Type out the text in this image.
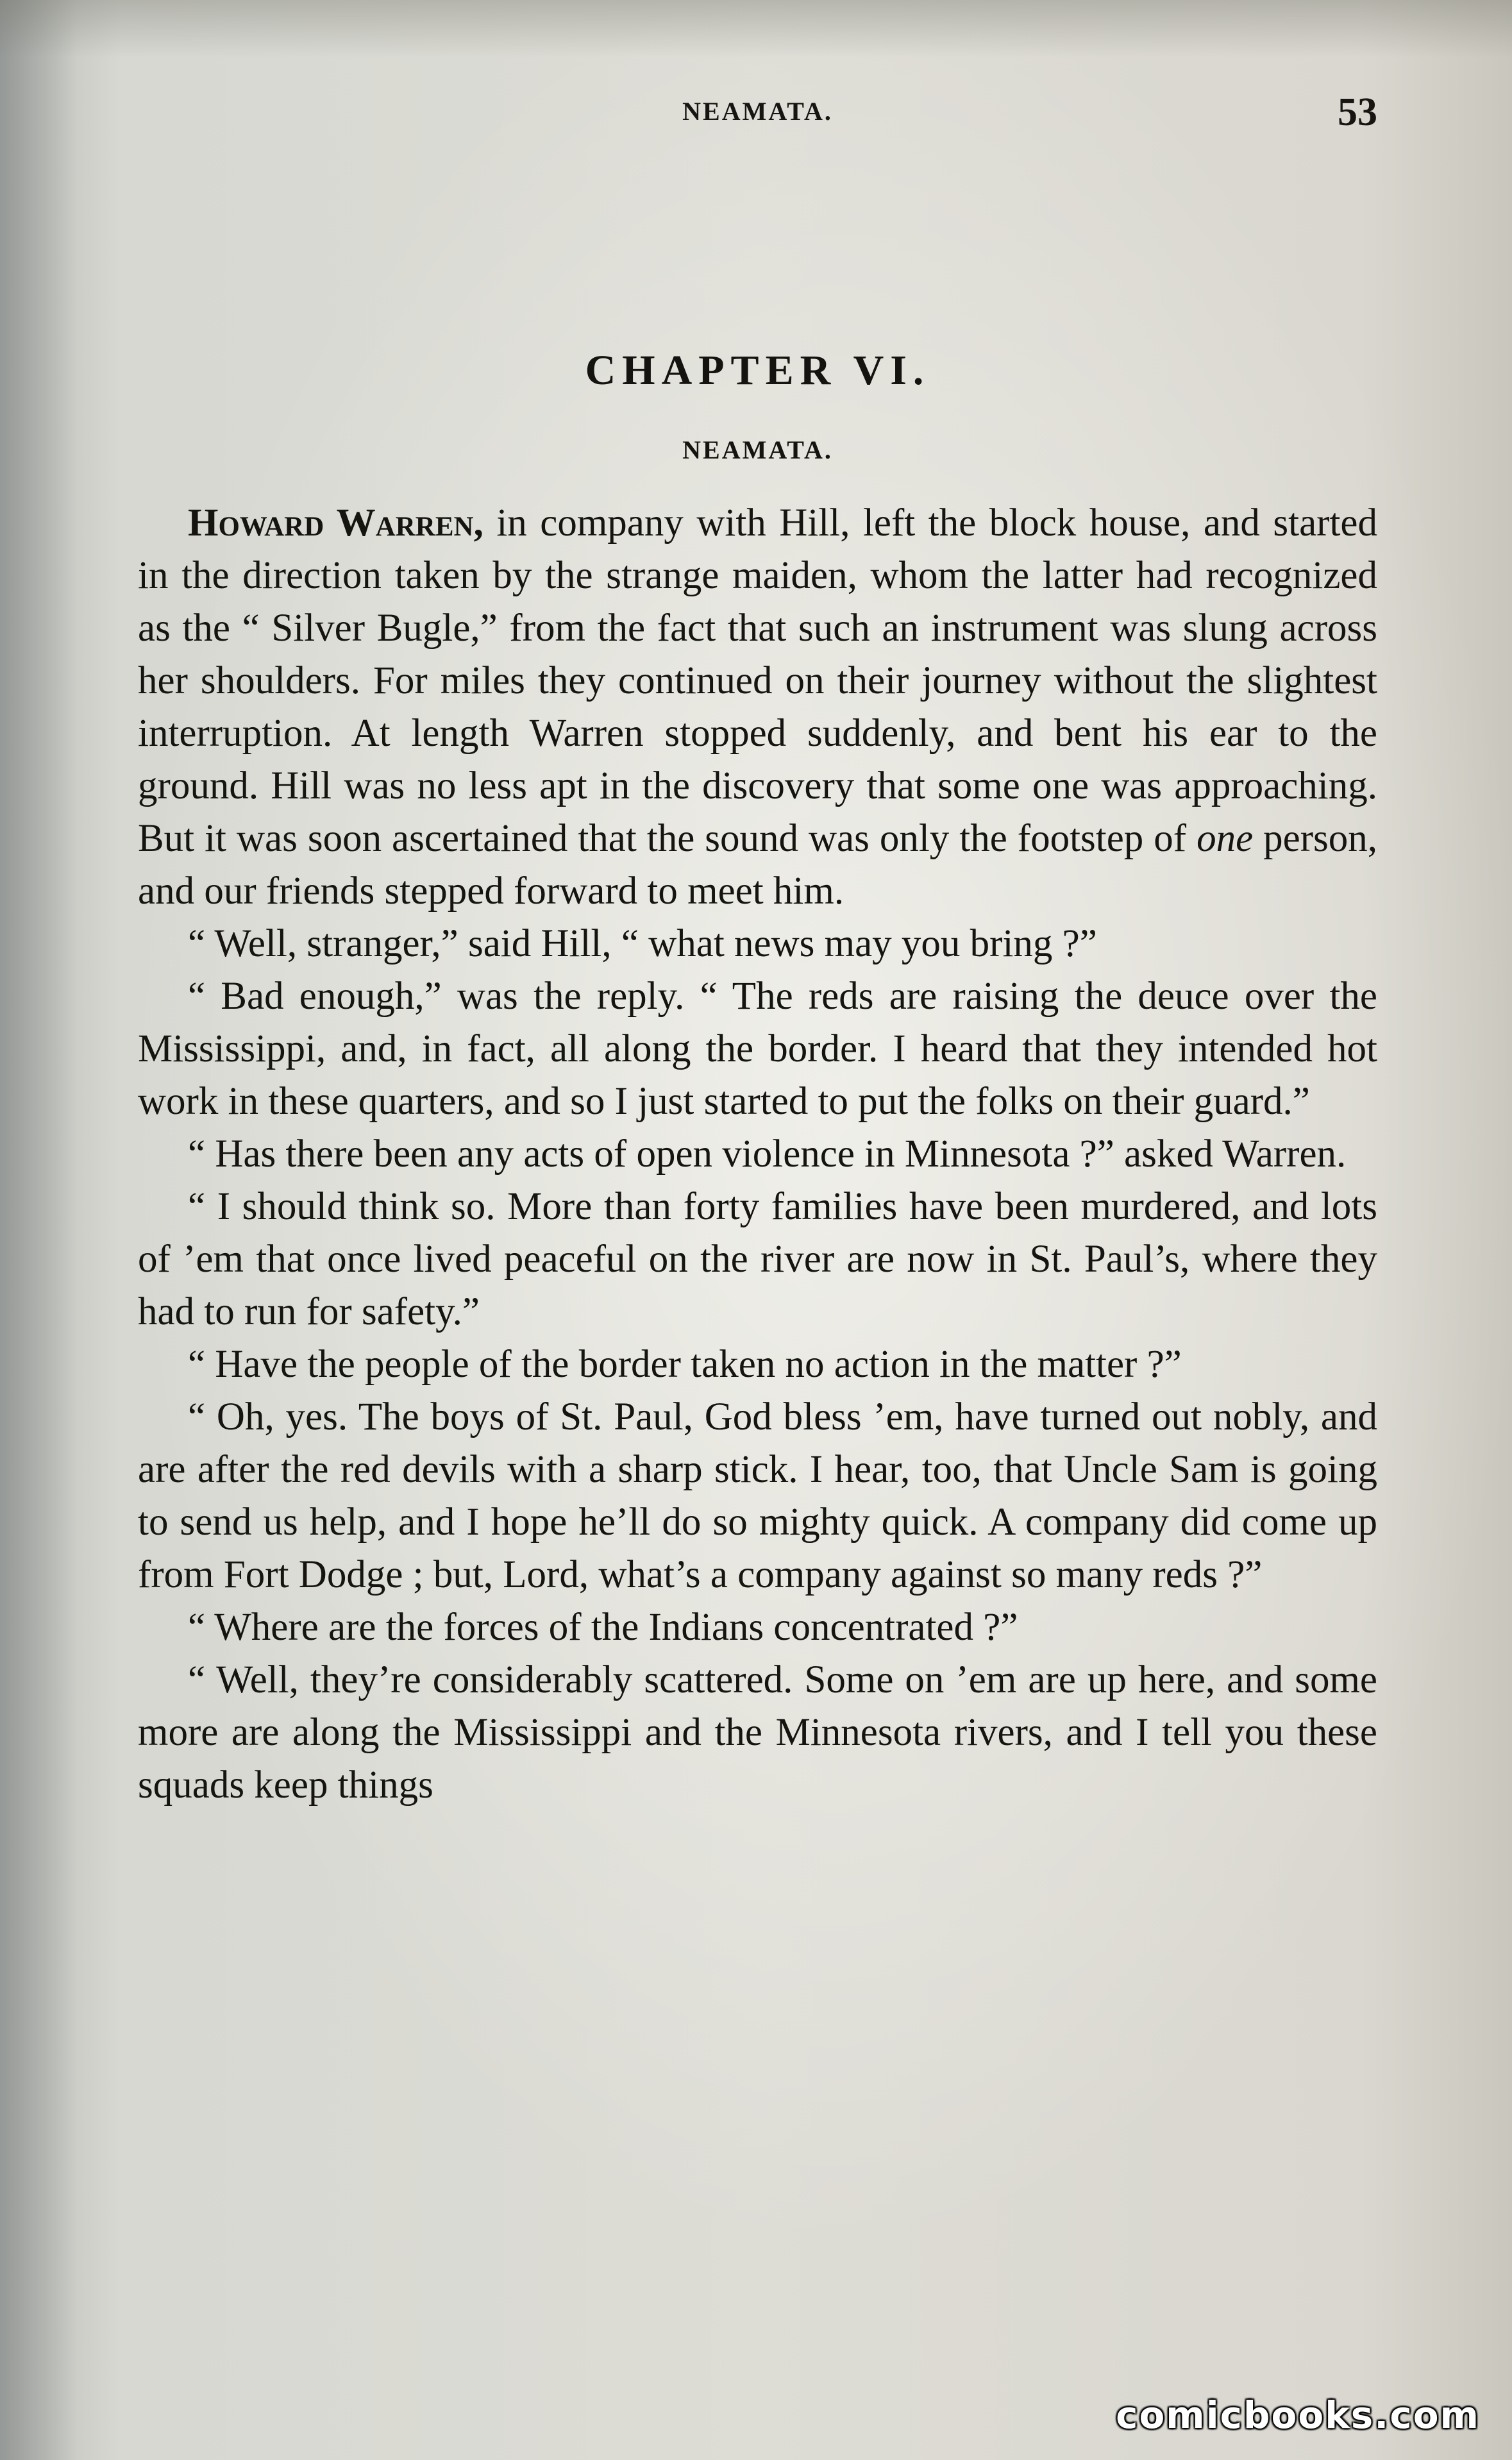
NEAMATA.	53
CHAPTER VI.
NEAMATA.

Howard Warren, in company with Hill, left the block house, and started in the direction taken by the strange maiden, whom the latter had recognized as the “ Silver Bugle,” from the fact that such an instrument was slung across her shoulders. For miles they continued on their journey without the slightest interruption. At length Warren stopped suddenly, and bent his ear to the ground. Hill was no less apt in the discovery that some one was approaching. But it was soon ascertained that the sound was only the footstep of one person, and our friends stepped forward to meet him.

“ Well, stranger,” said Hill, “ what news may you bring ?”

“ Bad enough,” was the reply. “ The reds are raising the deuce over the Mississippi, and, in fact, all along the border. I heard that they intended hot work in these quarters, and so I just started to put the folks on their guard.”

“ Has there been any acts of open violence in Minnesota ?” asked Warren.

“ I should think so. More than forty families have been murdered, and lots of ’em that once lived peaceful on the river are now in St. Paul’s, where they had to run for safety.”

“ Have the people of the border taken no action in the matter ?”

“ Oh, yes. The boys of St. Paul, God bless ’em, have turned out nobly, and are after the red devils with a sharp stick. I hear, too, that Uncle Sam is going to send us help, and I hope he’ll do so mighty quick. A company did come up from Fort Dodge ; but, Lord, what’s a company against so many reds ?”

“ Where are the forces of the Indians concentrated ?”

“ Well, they’re considerably scattered. Some on ’em are up here, and some more are along the Mississippi and the Minnesota rivers, and I tell you these squads keep things

comicbooks.com
